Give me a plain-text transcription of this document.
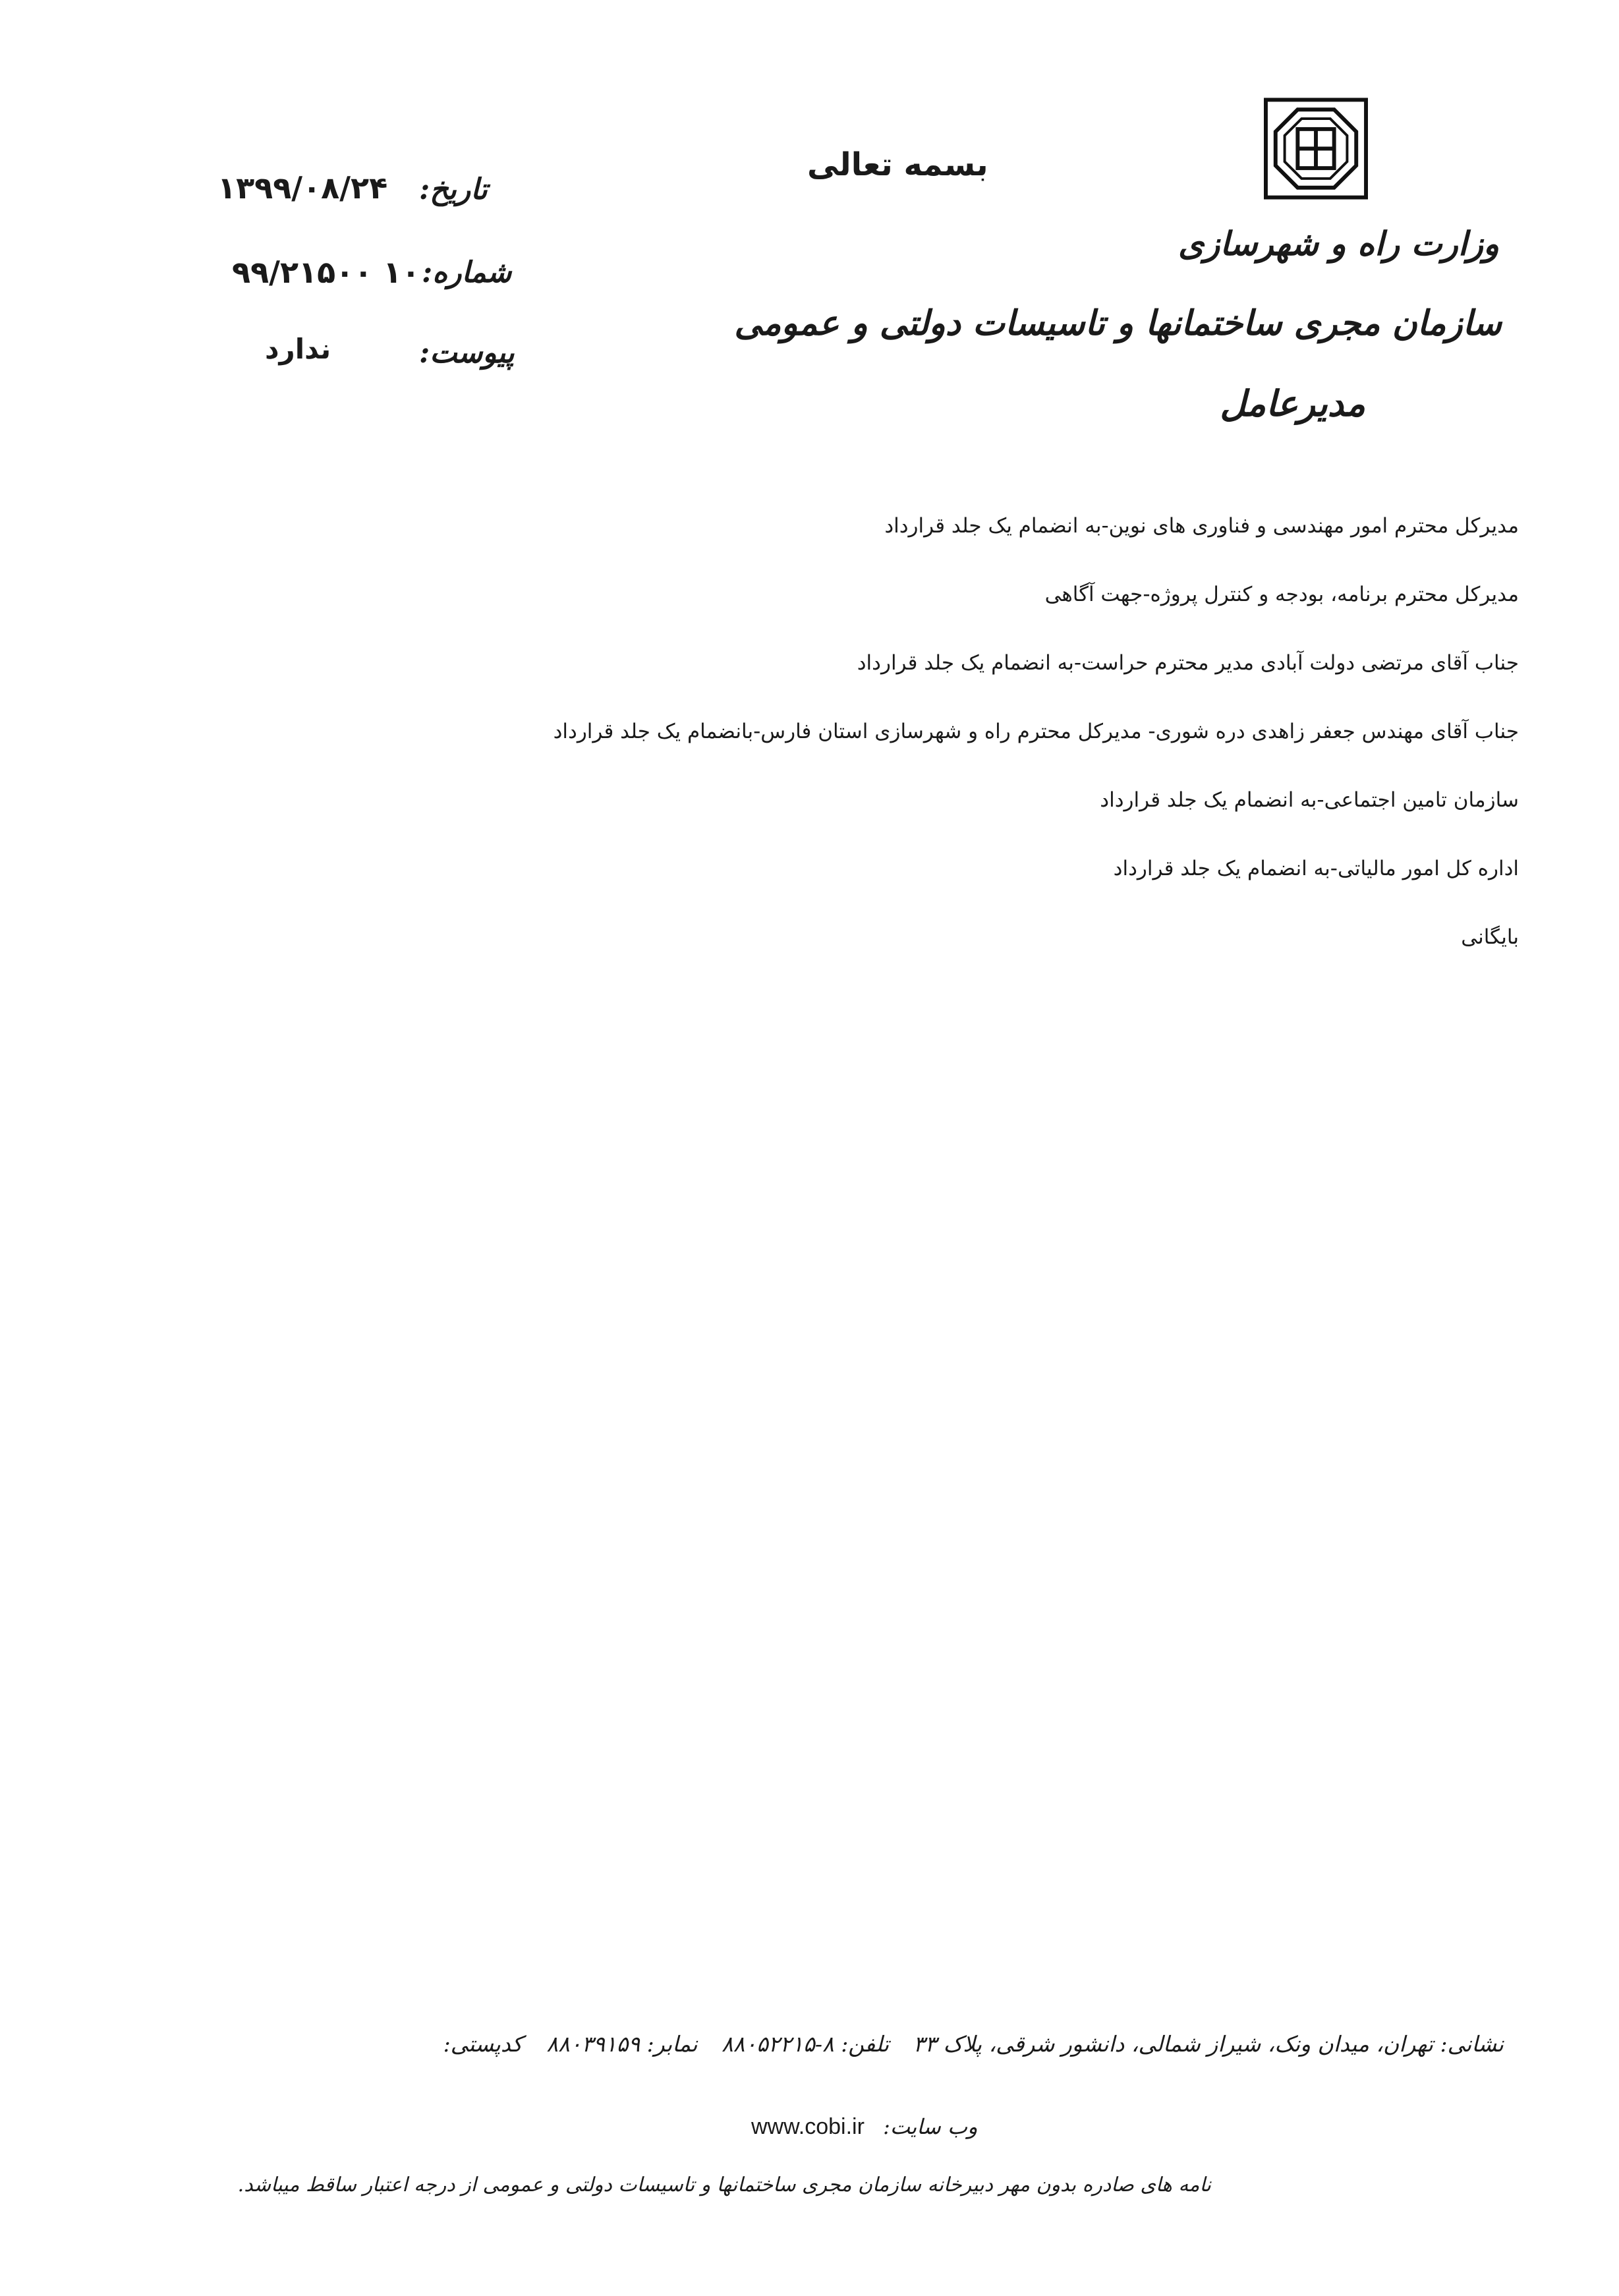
بسمه تعالی
وزارت راه و شهرسازی
سازمان مجری ساختمانها و تاسیسات دولتی و عمومی
مدیرعامل
تاریخ:
۱۳۹۹/۰۸/۲۴
شماره:
۱۰ ۹۹/۲۱۵۰۰
پیوست:
ندارد
مدیرکل محترم امور مهندسی و فناوری های نوین-به انضمام یک جلد قرارداد
مدیرکل محترم برنامه، بودجه و کنترل پروژه-جهت آگاهی
جناب آقای مرتضی دولت آبادی مدیر محترم حراست-به انضمام یک جلد قرارداد
جناب آقای مهندس جعفر زاهدی دره شوری- مدیرکل محترم راه و شهرسازی استان فارس-بانضمام یک جلد قرارداد
سازمان تامین اجتماعی-به انضمام یک جلد قرارداد
اداره کل امور مالیاتی-به انضمام یک جلد قرارداد
بایگانی
نشانی: تهران، میدان ونک، شیراز شمالی، دانشور شرقی، پلاک ۳۳ تلفن: ۸-۸۸۰۵۲۲۱۵ نمابر: ۸۸۰۳۹۱۵۹ کدپستی:
وب سایت: www.cobi.ir
نامه های صادره بدون مهر دبیرخانه سازمان مجری ساختمانها و تاسیسات دولتی و عمومی از درجه اعتبار ساقط میباشد.
